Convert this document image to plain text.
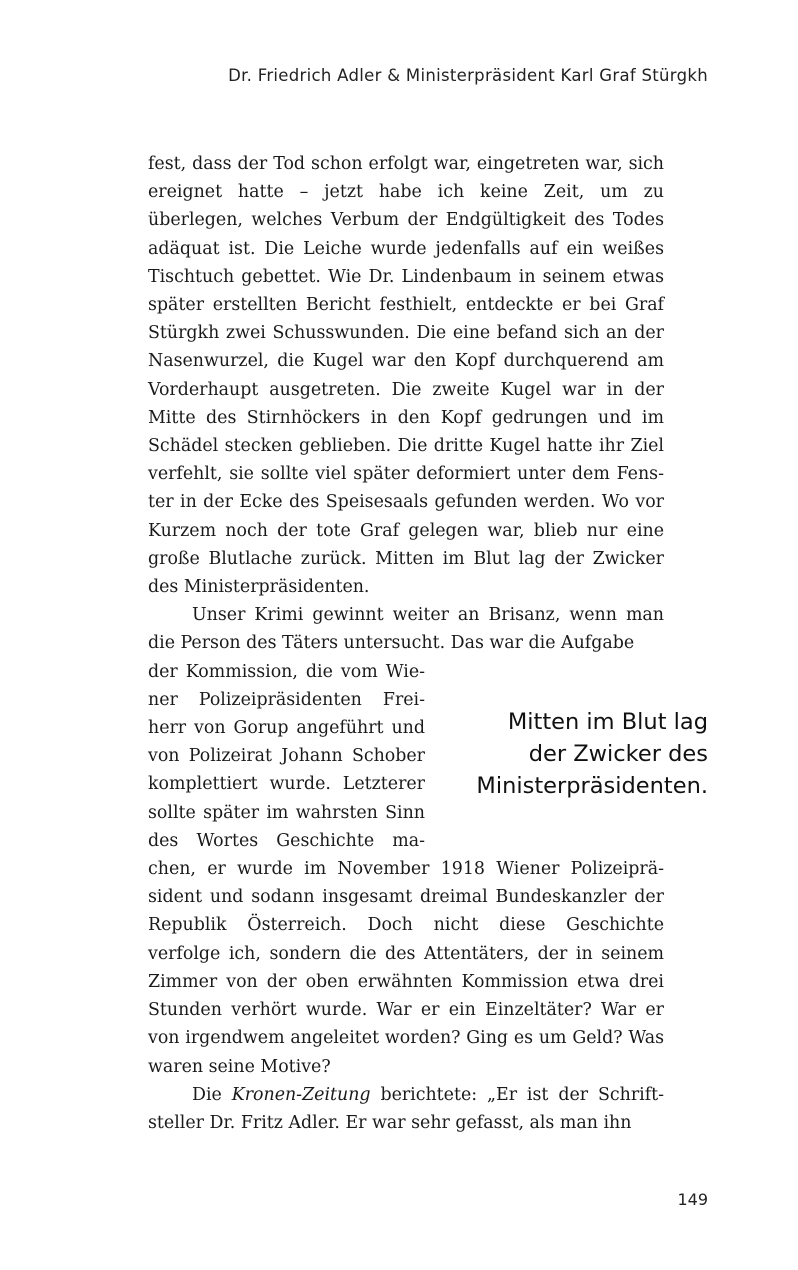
Dr. Friedrich Adler & Ministerpräsident Karl Graf Stürgkh

fest, dass der Tod schon erfolgt war, eingetreten war, sich ereignet hatte – jetzt habe ich keine Zeit, um zu überlegen, welches Verbum der Endgültigkeit des Todes adäquat ist. Die Leiche wurde jedenfalls auf ein weißes Tischtuch gebettet. Wie Dr. Lindenbaum in seinem etwas später erstellten Bericht festhielt, entdeckte er bei Graf Stürgkh zwei Schusswunden. Die eine befand sich an der Nasenwurzel, die Kugel war den Kopf durchquerend am Vorderhaupt ausgetreten. Die zweite Kugel war in der Mitte des Stirnhöckers in den Kopf gedrungen und im Schädel stecken geblieben. Die dritte Kugel hatte ihr Ziel verfehlt, sie sollte viel später deformiert unter dem Fenster in der Ecke des Speisesaals gefunden werden. Wo vor Kurzem noch der tote Graf gelegen war, blieb nur eine große Blutlache zurück. Mitten im Blut lag der Zwicker des Ministerpräsidenten.

Unser Krimi gewinnt weiter an Brisanz, wenn man die Person des Täters untersucht. Das war die Aufgabe

der Kommission, die vom Wie-
ner Polizeipräsidenten Frei-
herr von Gorup angeführt und
von Polizeirat Johann Schober
komplettiert wurde. Letzterer
sollte später im wahrsten Sinn
des Wortes Geschichte ma-

chen, er wurde im November 1918 Wiener Polizeipräsident und sodann insgesamt dreimal Bundeskanzler der Republik Österreich. Doch nicht diese Geschichte verfolge ich, sondern die des Attentäters, der in seinem Zimmer von der oben erwähnten Kommission etwa drei Stunden verhört wurde. War er ein Einzeltäter? War er von irgendwem angeleitet worden? Ging es um Geld? Was waren seine Motive?

Die Kronen-Zeitung berichtete: „Er ist der Schriftsteller Dr. Fritz Adler. Er war sehr gefasst, als man ihn

Mitten im Blut lag
der Zwicker des
Ministerpräsidenten.
149
